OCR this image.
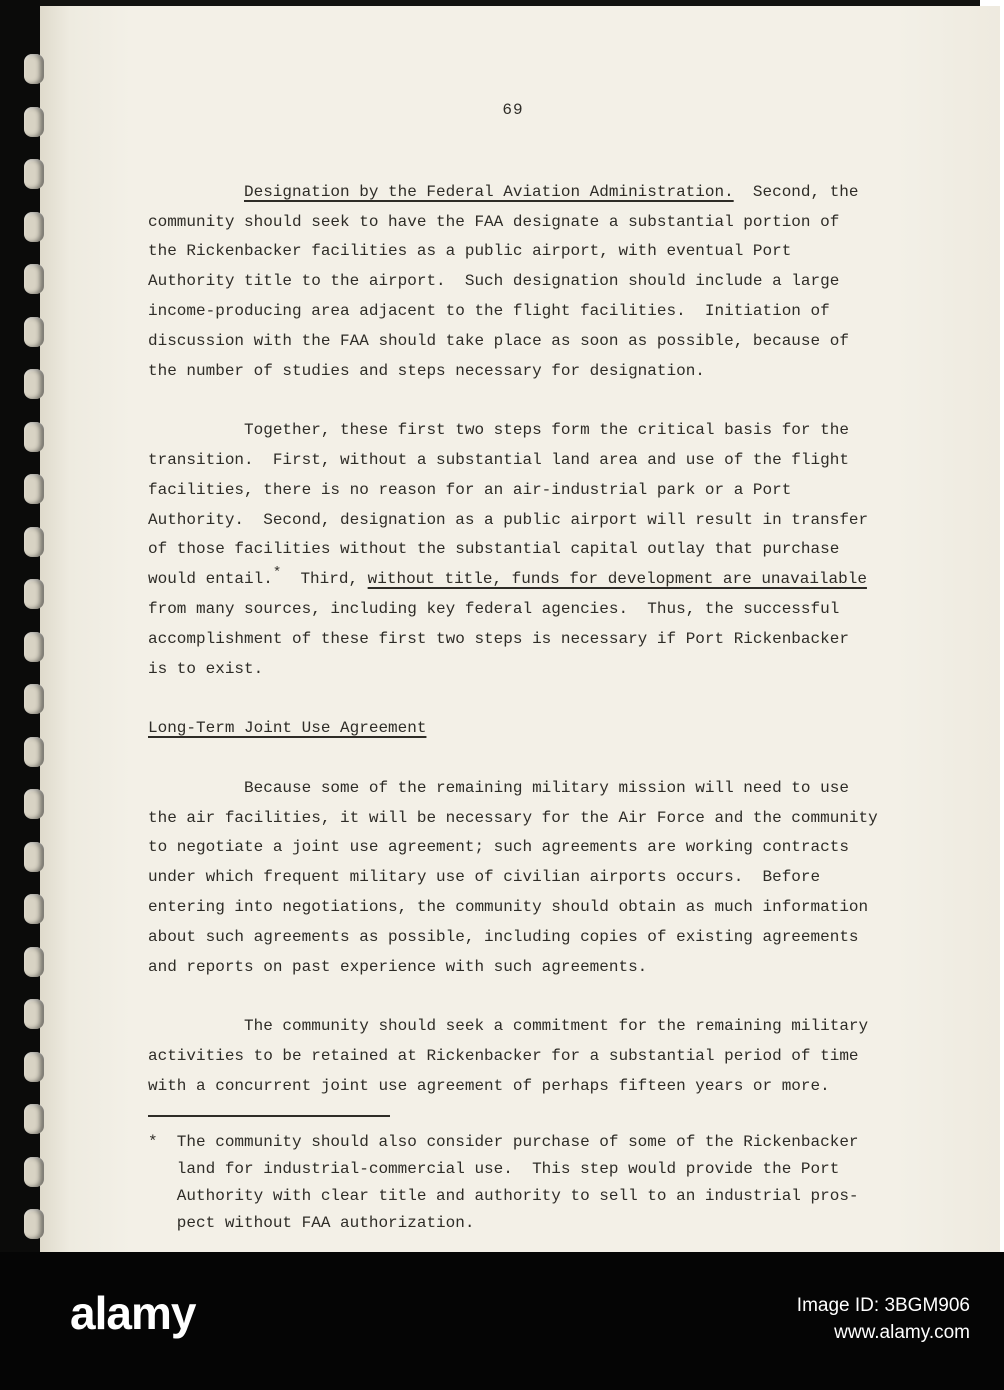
69
Designation by the Federal Aviation Administration.  Second, the
community should seek to have the FAA designate a substantial portion of
the Rickenbacker facilities as a public airport, with eventual Port
Authority title to the airport.  Such designation should include a large
income-producing area adjacent to the flight facilities.  Initiation of
discussion with the FAA should take place as soon as possible, because of
the number of studies and steps necessary for designation.
Together, these first two steps form the critical basis for the
transition.  First, without a substantial land area and use of the flight
facilities, there is no reason for an air-industrial park or a Port
Authority.  Second, designation as a public airport will result in transfer
of those facilities without the substantial capital outlay that purchase
would entail.*  Third, without title, funds for development are unavailable
from many sources, including key federal agencies.  Thus, the successful
accomplishment of these first two steps is necessary if Port Rickenbacker
is to exist.
Long-Term Joint Use Agreement
Because some of the remaining military mission will need to use
the air facilities, it will be necessary for the Air Force and the community
to negotiate a joint use agreement; such agreements are working contracts
under which frequent military use of civilian airports occurs.  Before
entering into negotiations, the community should obtain as much information
about such agreements as possible, including copies of existing agreements
and reports on past experience with such agreements.
The community should seek a commitment for the remaining military
activities to be retained at Rickenbacker for a substantial period of time
with a concurrent joint use agreement of perhaps fifteen years or more.
*  The community should also consider purchase of some of the Rickenbacker
land for industrial-commercial use.  This step would provide the Port
Authority with clear title and authority to sell to an industrial pros-
pect without FAA authorization.
alamy	Image ID: 3BGM906
www.alamy.com
